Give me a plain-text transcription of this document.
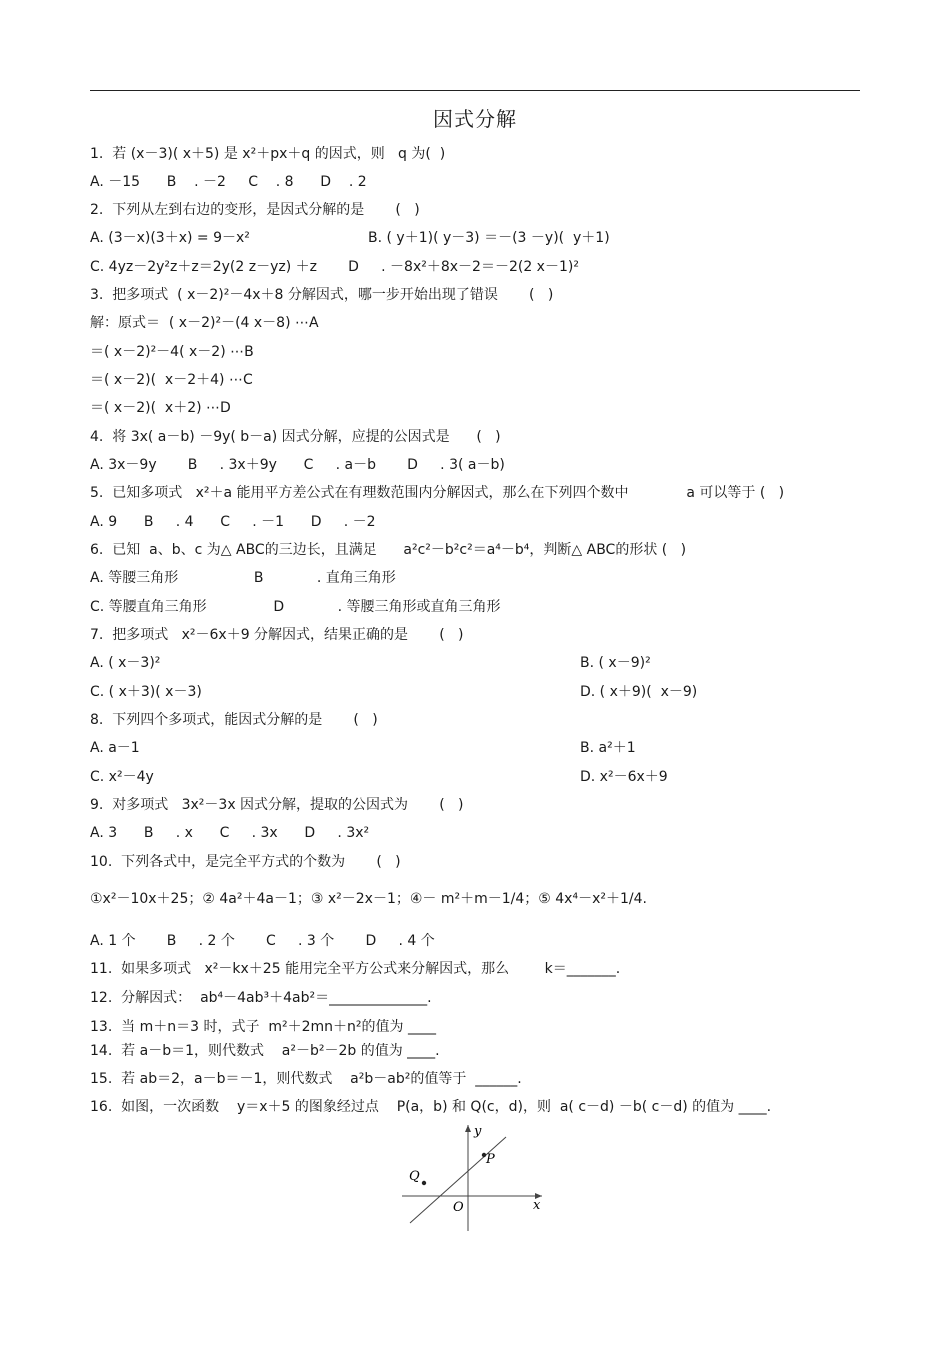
因式分解
1.  若 (x－3)( x＋5) 是 x²＋px＋q 的因式，则   q 为(  )
A. －15      B    . －2     C    . 8      D    . 2
2.  下列从左到右边的变形，是因式分解的是       (   )
A. (3－x)(3＋x) = 9－x²	B. ( y＋1)( y－3) ＝－(3 －y)(  y＋1)
C. 4yz－2y²z＋z＝2y(2 z－yz) ＋z       D     . －8x²＋8x－2＝－2(2 x－1)²
3.  把多项式  ( x－2)²－4x＋8 分解因式，哪一步开始出现了错误       (   )
解：原式＝  ( x－2)²－(4 x－8) ⋯A
＝( x－2)²－4( x－2) ⋯B
＝( x－2)(  x－2＋4) ⋯C
＝( x－2)(  x＋2) ⋯D
4.  将 3x( a－b) －9y( b－a) 因式分解，应提的公因式是      (   )
A. 3x－9y       B     . 3x＋9y      C     . a－b       D     . 3( a－b)
5.  已知多项式   x²＋a 能用平方差公式在有理数范围内分解因式，那么在下列四个数中             a 可以等于 (   )
A. 9      B     . 4      C     . －1      D     . －2
6.  已知  a、b、c 为△ ABC的三边长，且满足      a²c²－b²c²＝a⁴－b⁴，判断△ ABC的形状 (   )
A. 等腰三角形                 B            . 直角三角形
C. 等腰直角三角形               D            . 等腰三角形或直角三角形
7.  把多项式   x²－6x＋9 分解因式，结果正确的是       (   )
A. ( x－3)²	B. ( x－9)²
C. ( x＋3)( x－3)	D. ( x＋9)(  x－9)
8.  下列四个多项式，能因式分解的是       (   )
A. a－1	B. a²＋1
C. x²－4y	D. x²－6x＋9
9.  对多项式   3x²－3x 因式分解，提取的公因式为       (   )
A. 3      B     . x      C     . 3x      D     . 3x²
10.  下列各式中，是完全平方式的个数为       (   )
①x²－10x＋25；② 4a²＋4a－1；③ x²－2x－1；④－ m²＋m－1/4；⑤ 4x⁴－x²＋1/4.
A. 1 个       B     . 2 个       C     . 3 个       D     . 4 个
11.  如果多项式   x²－kx＋25 能用完全平方公式来分解因式，那么        k＝_______.
12.  分解因式：  ab⁴－4ab³＋4ab²＝______________.
13.  当 m＋n＝3 时，式子  m²＋2mn＋n²的值为 ____
14.  若 a－b＝1，则代数式    a²－b²－2b 的值为 ____.
15.  若 ab＝2，a－b＝－1，则代数式    a²b－ab²的值等于  ______.
16.  如图，一次函数    y＝x＋5 的图象经过点    P(a，b) 和 Q(c，d)，则  a( c－d) －b( c－d) 的值为 ____.
y
x
O
P
Q
